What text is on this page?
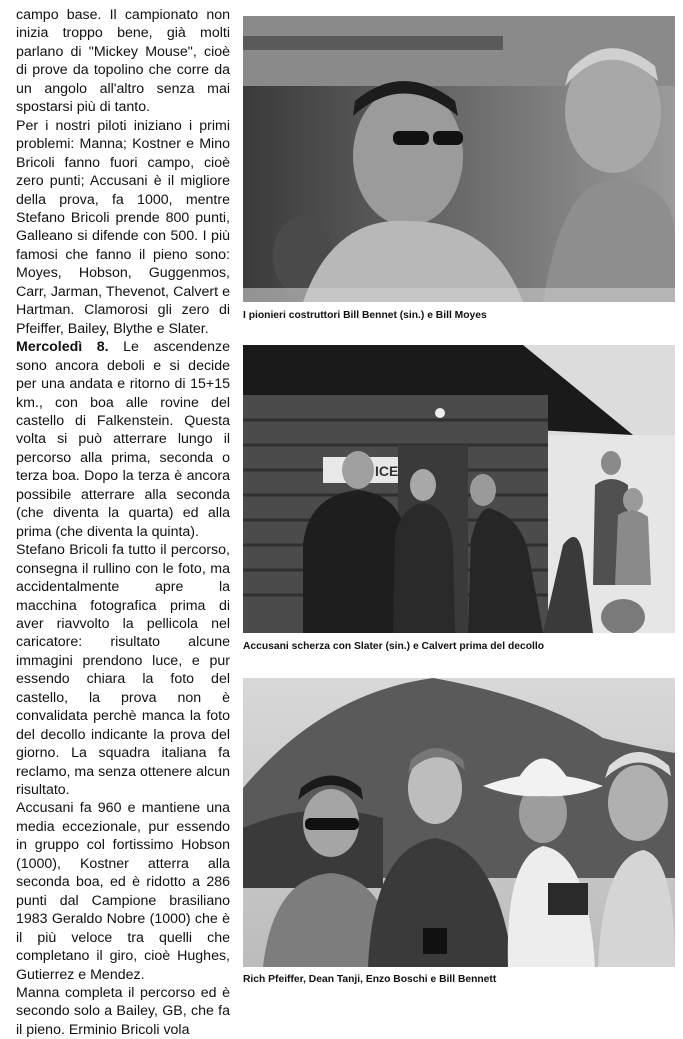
campo base. Il campionato non inizia troppo bene, già molti parlano di "Mickey Mouse", cioè di prove da topolino che corre da un angolo all'altro senza mai spostarsi più di tanto.

Per i nostri piloti iniziano i primi problemi: Manna; Kostner e Mino Bricoli fanno fuori campo, cioè zero punti; Accusani è il migliore della prova, fa 1000, mentre Stefano Bricoli prende 800 punti, Galleano si difende con 500. I più famosi che fanno il pieno sono: Moyes, Hobson, Guggenmos, Carr, Jarman, Thevenot, Calvert e Hartman. Clamorosi gli zero di Pfeiffer, Bailey, Blythe e Slater.

Mercoledì 8. Le ascendenze sono ancora deboli e si decide per una andata e ritorno di 15+15 km., con boa alle rovine del castello di Falkenstein. Questa volta si può atterrare lungo il percorso alla prima, seconda o terza boa. Dopo la terza è ancora possibile atterrare alla seconda (che diventa la quarta) ed alla prima (che diventa la quinta).

Stefano Bricoli fa tutto il percorso, consegna il rullino con le foto, ma accidentalmente apre la macchina fotografica prima di aver riavvolto la pellicola nel caricatore: risultato alcune immagini prendono luce, e pur essendo chiara la foto del castello, la prova non è convalidata perchè manca la foto del decollo indicante la prova del giorno. La squadra italiana fa reclamo, ma senza ottenere alcun risultato.

Accusani fa 960 e mantiene una media eccezionale, pur essendo in gruppo col fortissimo Hobson (1000), Kostner atterra alla seconda boa, ed è ridotto a 286 punti dal Campione brasiliano 1983 Geraldo Nobre (1000) che è il più veloce tra quelli che completano il giro, cioè Hughes, Gutierrez e Mendez.

Manna completa il percorso ed è secondo solo a Bailey, GB, che fa il pieno. Erminio Bricoli vola

I pionieri costruttori Bill Bennet (sin.) e Bill Moyes
ICE
Accusani scherza con Slater (sin.) e Calvert prima del decollo
Rich Pfeiffer, Dean Tanji, Enzo Boschi e Bill Bennett
